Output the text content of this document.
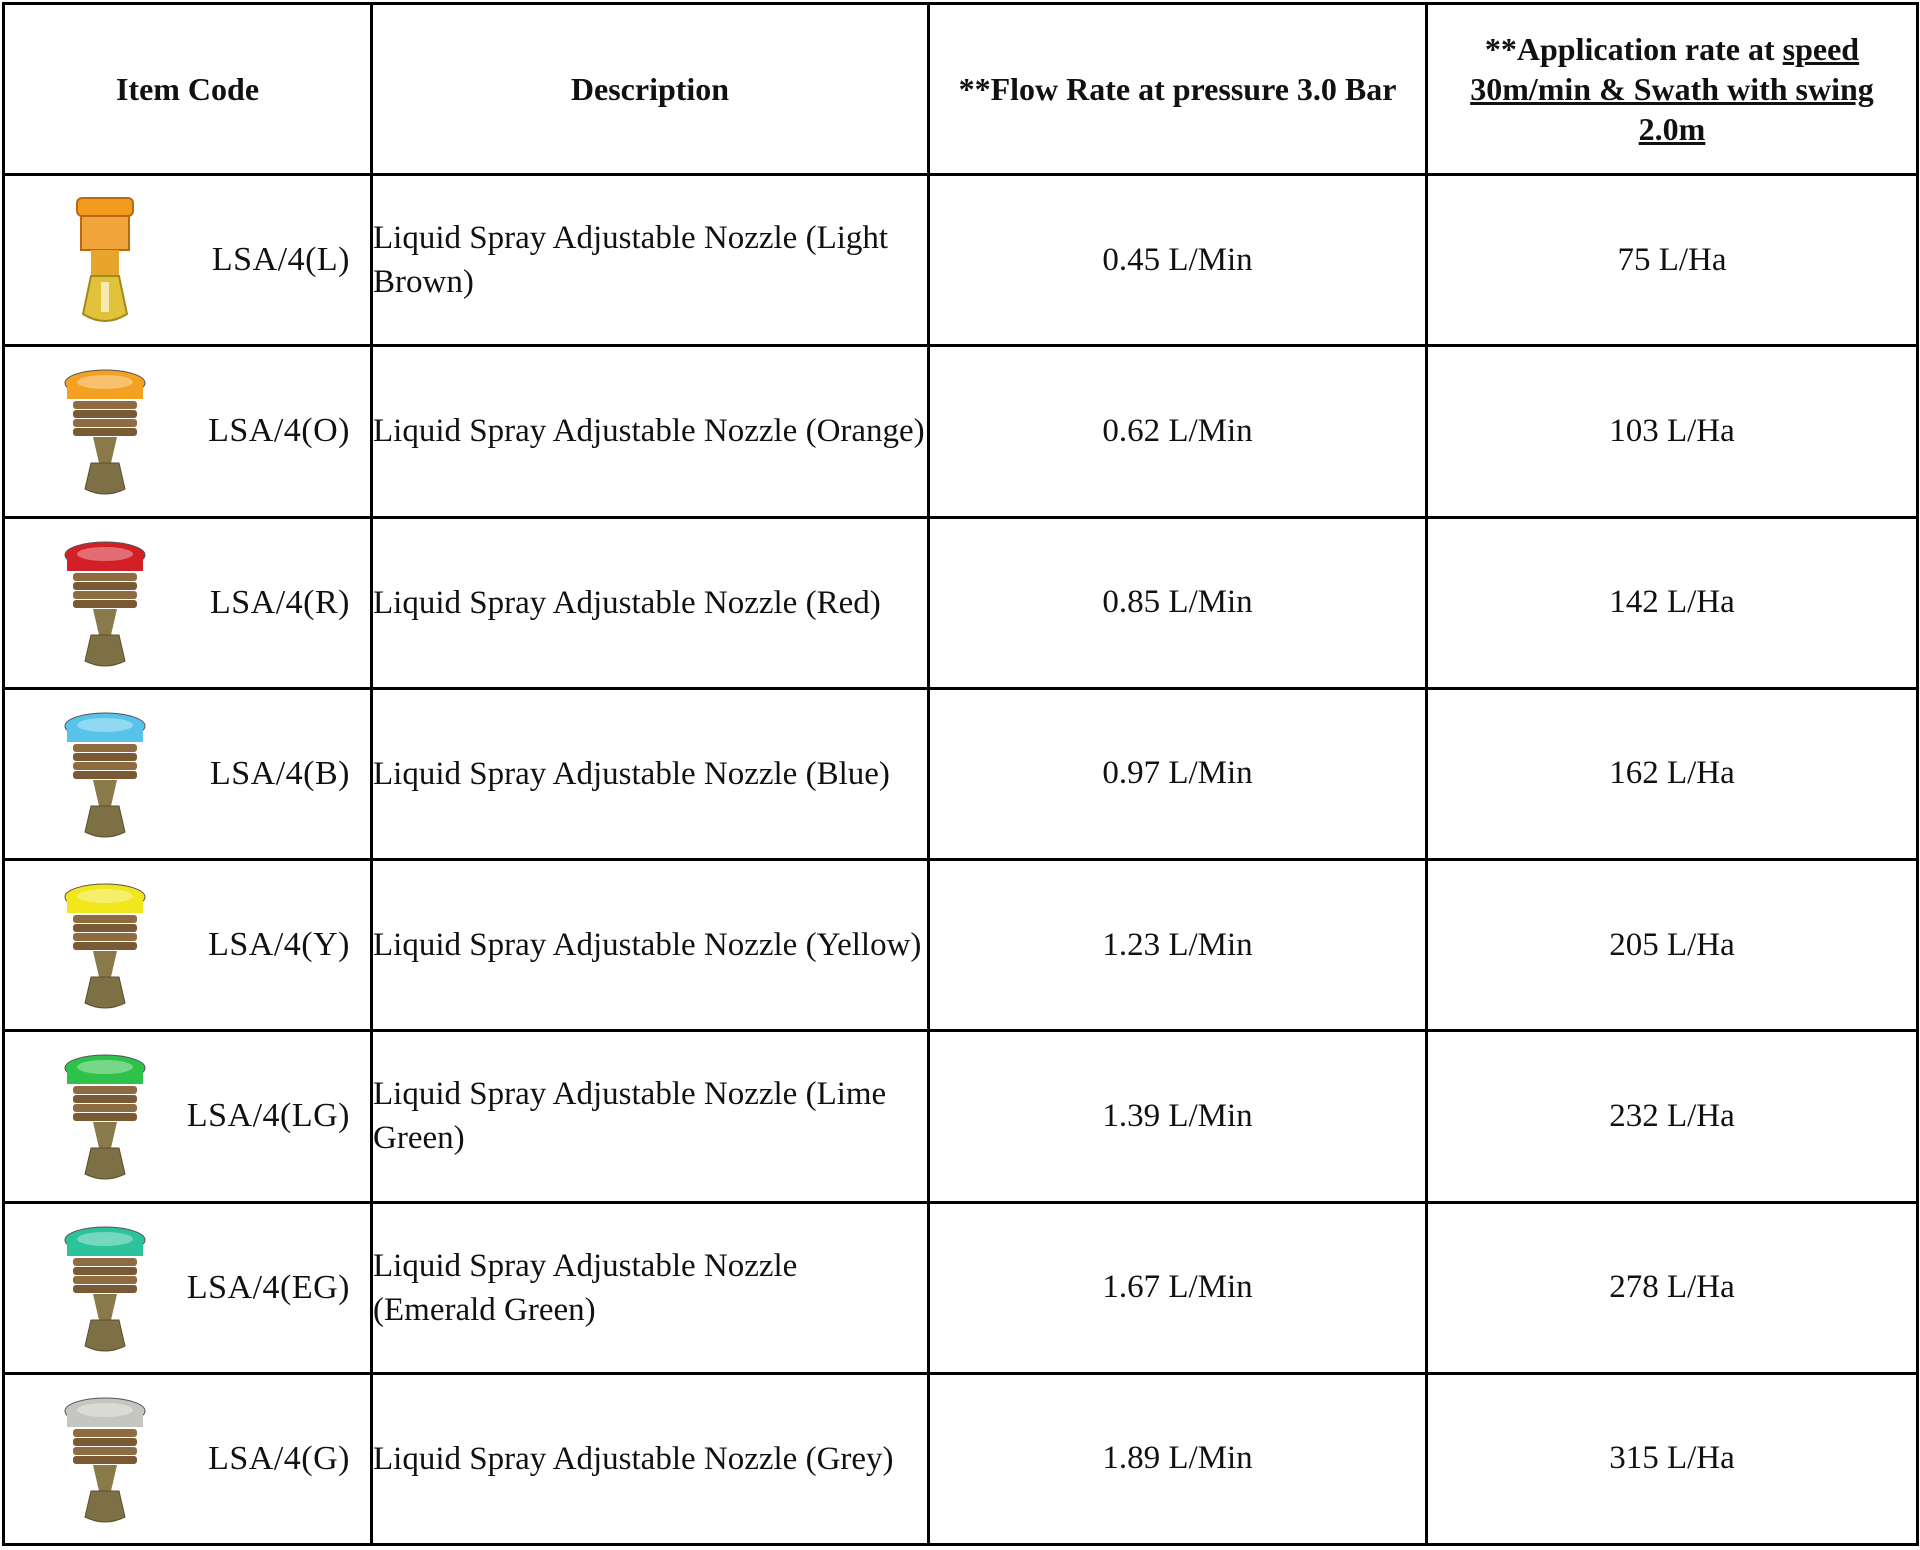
Item Code	Description	**Flow Rate at pressure 3.0 Bar	**Application rate at speed
30m/min & Swath with swing
2.0m

LSA/4(L)	Liquid Spray Adjustable Nozzle (Light Brown)	0.45 L/Min	75 L/Ha

LSA/4(O)	Liquid Spray Adjustable Nozzle (Orange)	0.62 L/Min	103 L/Ha

LSA/4(R)	Liquid Spray Adjustable Nozzle (Red)	0.85 L/Min	142 L/Ha

LSA/4(B)	Liquid Spray Adjustable Nozzle (Blue)	0.97 L/Min	162 L/Ha

LSA/4(Y)	Liquid Spray Adjustable Nozzle (Yellow)	1.23 L/Min	205 L/Ha

LSA/4(LG)	Liquid Spray Adjustable Nozzle (Lime Green)	1.39 L/Min	232 L/Ha

LSA/4(EG)	Liquid Spray Adjustable Nozzle (Emerald Green)	1.67 L/Min	278 L/Ha

LSA/4(G)	Liquid Spray Adjustable Nozzle (Grey)	1.89 L/Min	315 L/Ha
